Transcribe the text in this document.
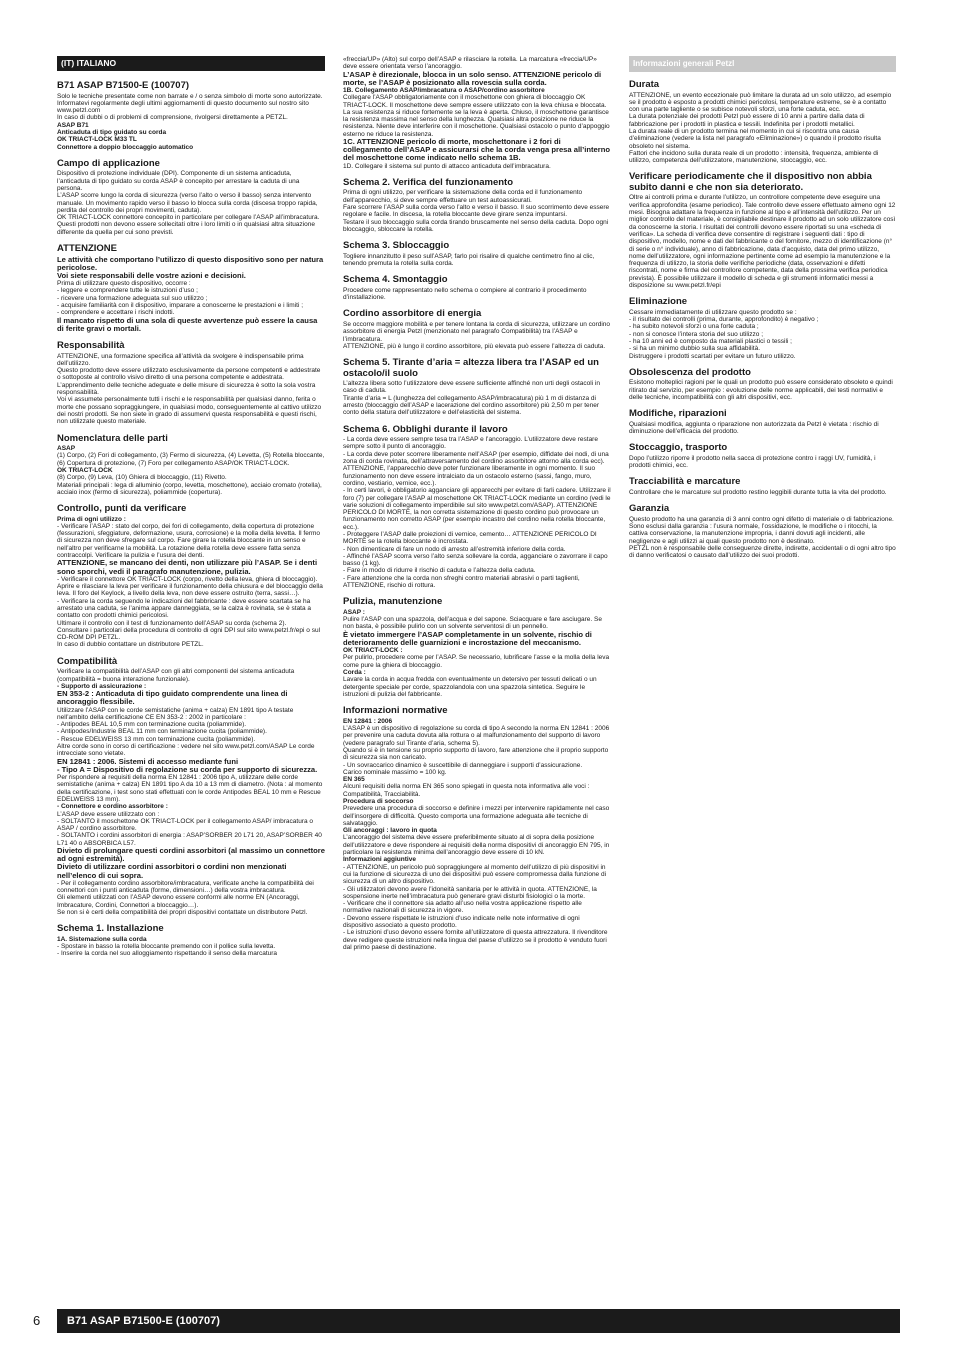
(IT) ITALIANO
B71 ASAP B71500-E (100707)

Solo le tecniche presentate come non barrate e / o senza simbolo di morte sono autorizzate. Informatevi regolarmente degli ultimi aggiornamenti di questo documento sul nostro sito www.petzl.com

In caso di dubbi o di problemi di comprensione, rivolgersi direttamente a PETZL.

ASAP B71

Anticaduta di tipo guidato su corda

OK TRIACT-LOCK M33 TL

Connettore a doppio bloccaggio automatico

Campo di applicazione

Dispositivo di protezione individuale (DPI). Componente di un sistema anticaduta, l’anticaduta di tipo guidato su corda ASAP è concepito per arrestare la caduta di una persona.

L’ASAP scorre lungo la corda di sicurezza (verso l’alto o verso il basso) senza intervento manuale. Un movimento rapido verso il basso lo blocca sulla corda (discesa troppo rapida, perdita del controllo dei propri movimenti, caduta).

OK TRIACT-LOCK connettore concepito in particolare per collegare l’ASAP all’imbracatura.

Questi prodotti non devono essere sollecitati oltre i loro limiti o in qualsiasi altra situazione differente da quella per cui sono previsti.

ATTENZIONE

Le attività che comportano l’utilizzo di questo dispositivo sono per natura pericolose.

Voi siete responsabili delle vostre azioni e decisioni.

Prima di utilizzare questo dispositivo, occorre :

- leggere e comprendere tutte le istruzioni d’uso ;

- ricevere una formazione adeguata sul suo utilizzo ;

- acquisire familiarità con il dispositivo, imparare a conoscerne le prestazioni e i limiti ;

- comprendere e accettare i rischi indotti.

Il mancato rispetto di una sola di queste avvertenze può essere la causa di ferite gravi o mortali.

Responsabilità

ATTENZIONE, una formazione specifica all’attività da svolgere è indispensabile prima dell’utilizzo.

Questo prodotto deve essere utilizzato esclusivamente da persone competenti e addestrate o sottoposte al controllo visivo diretto di una persona competente e addestrata.

L’apprendimento delle tecniche adeguate e delle misure di sicurezza è sotto la sola vostra responsabilità.

Voi vi assumete personalmente tutti i rischi e le responsabilità per qualsiasi danno, ferita o morte che possano sopraggiungere, in qualsiasi modo, conseguentemente al cattivo utilizzo dei nostri prodotti. Se non siete in grado di assumervi questa responsabilità e questi rischi, non utilizzate questo materiale.

Nomenclatura delle parti

ASAP

(1) Corpo, (2) Fori di collegamento, (3) Fermo di sicurezza, (4) Levetta, (5) Rotella bloccante, (6) Copertura di protezione, (7) Foro per collegamento ASAP/OK TRIACT-LOCK.

OK TRIACT-LOCK

(8) Corpo, (9) Leva, (10) Ghiera di bloccaggio, (11) Rivetto.

Materiali principali : lega di alluminio (corpo, levetta, moschettone), acciaio cromato (rotella), acciaio inox (fermo di sicurezza), poliammide (copertura).

Controllo, punti da verificare

Prima di ogni utilizzo :

- Verificare l’ASAP : stato del corpo, dei fori di collegamento, della copertura di protezione (fessurazioni, sfeggiature, deformazione, usura, corrosione) e la molla della levetta. Il fermo di sicurezza non deve sfregare sul corpo. Fare girare la rotella bloccante in un senso e nell’altro per verificarne la mobilità. La rotazione della rotella deve essere fatta senza contraccolpi. Verificare la pulizia e l’usura dei denti.

ATTENZIONE, se mancano dei denti, non utilizzare più l’ASAP. Se i denti sono sporchi, vedi il paragrafo manutenzione, pulizia.

- Verificare il connettore OK TRIACT-LOCK (corpo, rivetto della leva, ghiera di bloccaggio). Aprire e rilasciare la leva per verificare il funzionamento della chiusura e del bloccaggio della leva. Il foro del Keylock, a livello della leva, non deve essere ostruito (terra, sassi…).

- Verificare la corda seguendo le indicazioni del fabbricante : deve essere scartata se ha arrestato una caduta, se l’anima appare danneggiata, se la calza è rovinata, se è stata a contatto con prodotti chimici pericolosi.

Ultimare il controllo con il test di funzionamento dell’ASAP su corda (schema 2).

Consultare i particolari della procedura di controllo di ogni DPI sul sito www.petzl.fr/epi o sul CD-ROM DPI PETZL.

In caso di dubbio contattare un distributore PETZL.

Compatibilità

Verificare la compatibilità dell’ASAP con gli altri componenti del sistema anticaduta (compatibilità = buona interazione funzionale).

- Supporto di assicurazione :

EN 353-2 : Anticaduta di tipo guidato comprendente una linea di ancoraggio flessibile.

Utilizzare l’ASAP con le corde semistatiche (anima + calza) EN 1891 tipo A testate nell’ambito della certificazione CE EN 353-2 : 2002 in particolare :

- Antipodes BEAL 10,5 mm con terminazione cucita (poliammide).

- Antipodes/Industrie BEAL 11 mm con terminazione cucita (poliammide).

- Rescue EDELWEISS 13 mm con terminazione cucita (poliammide).

Altre corde sono in corso di certificazione : vedere nel sito www.petzl.com/ASAP Le corde intrecciate sono vietate.

EN 12841 : 2006. Sistemi di accesso mediante funi

- Tipo A = Dispositivo di regolazione su corda per supporto di sicurezza.

Per rispondere ai requisiti della norma EN 12841 : 2006 tipo A, utilizzare delle corde semistatiche (anima + calza) EN 1891 tipo A da 10 a 13 mm di diametro. (Nota : al momento della certificazione, i test sono stati effettuati con le corde Antipodes BEAL 10 mm e Rescue EDELWEISS 13 mm).

- Connettore e cordino assorbitore :

L’ASAP deve essere utilizzato con :

- SOLTANTO il moschettone OK TRIACT-LOCK per il collegamento ASAP/ imbracatura o ASAP / cordino assorbitore.

- SOLTANTO i cordini assorbitori di energia : ASAP’SORBER 20 L71 20, ASAP’SORBER 40 L71 40 o ABSORBICA L57.

Divieto di prolungare questi cordini assorbitori (al massimo un connettore ad ogni estremità).

Divieto di utilizzare cordini assorbitori o cordini non menzionati nell’elenco di cui sopra.

- Per il collegamento cordino assorbitore/imbracatura, verificate anche la compatibilità dei connettori con i punti anticaduta (forme, dimensioni…) della vostra imbracatura.

Gli elementi utilizzati con l’ASAP devono essere conformi alle norme EN (Ancoraggi, Imbracature, Cordini, Connettori a bloccaggio…).

Se non si è certi della compatibilità dei propri dispositivi contattate un distributore Petzl.

Schema 1. Installazione

1A. Sistemazione sulla corda

- Spostare in basso la rotella bloccante premendo con il pollice sulla levetta.

- Inserire la corda nel suo alloggiamento rispettando il senso della marcatura

«freccia/UP» (Alto) sul corpo dell’ASAP e rilasciare la rotella. La marcatura «freccia/UP» deve essere orientata verso l’ancoraggio.

L’ASAP è direzionale, blocca in un solo senso. ATTENZIONE pericolo di morte, se l’ASAP è posizionato alla rovescia sulla corda.

1B. Collegamento ASAP/imbracatura o ASAP/cordino assorbitore

Collegare l’ASAP obbligatoriamente con il moschettone con ghiera di bloccaggio OK TRIACT-LOCK. Il moschettone deve sempre essere utilizzato con la leva chiusa e bloccata. La sua resistenza si riduce fortemente se la leva è aperta. Chiuso, il moschettone garantisce la resistenza massima nel senso della lunghezza. Qualsiasi altra posizione ne riduce la resistenza. Niente deve interferire con il moschettone. Qualsiasi ostacolo o punto d’appoggio esterno ne riduce la resistenza.

1C. ATTENZIONE pericolo di morte, moschettonare i 2 fori di collegamento dell’ASAP e assicurarsi che la corda venga presa all’interno del moschettone come indicato nello schema 1B.

1D. Collegare il sistema sul punto di attacco anticaduta dell’imbracatura.

Schema 2. Verifica del funzionamento

Prima di ogni utilizzo, per verificare la sistemazione della corda ed il funzionamento dell’apparecchio, si deve sempre effettuare un test autoassicurati.

Fare scorrere l’ASAP sulla corda verso l’alto e verso il basso. Il suo scorrimento deve essere regolare e facile. In discesa, la rotella bloccante deve girare senza impuntarsi.

Testare il suo bloccaggio sulla corda tirando bruscamente nel senso della caduta. Dopo ogni bloccaggio, sbloccare la rotella.

Schema 3. Sbloccaggio

Togliere innanzitutto il peso sull’ASAP, farlo poi risalire di qualche centimetro fino al clic, tenendo premuta la rotella sulla corda.

Schema 4. Smontaggio

Procedere come rappresentato nello schema o compiere al contrario il procedimento d’installazione.

Cordino assorbitore di energia

Se occorre maggiore mobilità e per tenere lontana la corda di sicurezza, utilizzare un cordino assorbitore di energia Petzl (menzionato nel paragrafo Compatibilità) tra l’ASAP e l’imbracatura.

ATTENZIONE, più è lungo il cordino assorbitore, più elevata può essere l’altezza di caduta.

Schema 5. Tirante d’aria = altezza libera tra l’ASAP ed un ostacolo/il suolo

L’altezza libera sotto l’utilizzatore deve essere sufficiente affinché non urti degli ostacoli in caso di caduta.

Tirante d’aria = L (lunghezza del collegamento ASAP/imbracatura) più 1 m di distanza di arresto (bloccaggio dell’ASAP e lacerazione del cordino assorbitore) più 2,50 m per tener conto della statura dell’utilizzatore e dell’elasticità del sistema.

Schema 6. Obblighi durante il lavoro

- La corda deve essere sempre tesa tra l’ASAP e l’ancoraggio. L’utilizzatore deve restare sempre sotto il punto di ancoraggio.

- La corda deve poter scorrere liberamente nell’ASAP (per esempio, diffidate dei nodi, di una zona di corda rovinata, dell’attraversamento del cordino assorbitore attorno alla corda ecc). ATTENZIONE, l’apparecchio deve poter funzionare liberamente in ogni momento. Il suo funzionamento non deve essere intralciato da un ostacolo esterno (sassi, fango, muro, cordino, vestiario, vernice, ecc.).

- In certi lavori, è obbligatorio agganciare gli apparecchi per evitare di farli cadere. Utilizzare il foro (7) per collegare l’ASAP al moschettone OK TRIACT-LOCK mediante un cordino (vedi le varie soluzioni di collegamento imperdibile sul sito www.petzl.com/ASAP). ATTENZIONE PERICOLO DI MORTE, la non corretta sistemazione di questo cordino può provocare un funzionamento non corretto ASAP (per esempio incastro del cordino nella rotella bloccante, ecc.).

- Proteggere l’ASAP dalle proiezioni di vernice, cemento… ATTENZIONE PERICOLO DI MORTE se la rotella bloccante è incrostata.

- Non dimenticare di fare un nodo di arresto all’estremità inferiore della corda.

- Affinché l’ASAP scorra verso l’alto senza sollevare la corda, agganciare o zavorrare il capo basso (1 kg).

- Fare in modo di ridurre il rischio di caduta e l’altezza della caduta.

- Fare attenzione che la corda non sfreghi contro materiali abrasivi o parti taglienti, ATTENZIONE, rischio di rottura.

Pulizia, manutenzione

ASAP :

Pulire l’ASAP con una spazzola, dell’acqua e del sapone. Sciacquare e fare asciugare. Se non basta, è possibile pulirlo con un solvente serventosi di un pennello.

È vietato immergere l’ASAP completamente in un solvente, rischio di deterioramento delle guarnizioni e incrostazione del meccanismo.

OK TRIACT-LOCK :

Per pulirlo, procedere come per l’ASAP. Se necessario, lubrificare l’asse e la molla della leva come pure la ghiera di bloccaggio.

Corda :

Lavare la corda in acqua fredda con eventualmente un detersivo per tessuti delicati o un detergente speciale per corde, spazzolandola con una spazzola sintetica. Seguire le istruzioni di pulizia del fabbricante.

Informazioni normative

EN 12841 : 2006

L’ASAP è un dispositivo di regolazione su corda di tipo A secondo la norma EN 12841 : 2006 per prevenire una caduta dovuta alla rottura o al malfunzionamento del supporto di lavoro (vedere paragrafo sul Tirante d’aria, schema 5).

Quando si è in tensione su proprio supporto di lavoro, fare attenzione che il proprio supporto di sicurezza sia non caricato.

- Un sovraccarico dinamico è suscettibile di danneggiare i supporti d’assicurazione.

Carico nominale massimo = 100 kg.

EN 365

Alcuni requisiti della norma EN 365 sono spiegati in questa nota informativa alle voci : Compatibilità, Tracciabilità.

Procedura di soccorso

Prevedere una procedura di soccorso e definire i mezzi per intervenire rapidamente nel caso dell’insorgere di difficoltà. Questo comporta una formazione adeguata alle tecniche di salvataggio.

Gli ancoraggi : lavoro in quota

L’ancoraggio del sistema deve essere preferibilmente situato al di sopra della posizione dell’utilizzatore e deve rispondere ai requisiti della norma dispositivi di ancoraggio EN 795, in particolare la resistenza minima dell’ancoraggio deve essere di 10 kN.

Informazioni aggiuntive

- ATTENZIONE, un pericolo può sopraggiungere al momento dell’utilizzo di più dispositivi in cui la funzione di sicurezza di uno dei dispositivi può essere compromessa dalla funzione di sicurezza di un altro dispositivo.

- Gli utilizzatori devono avere l’idoneità sanitaria per le attività in quota. ATTENZIONE, la sospensione inerte nell’imbracatura può generare gravi disturbi fisiologici o la morte.

- Verificare che il connettore sia adatto all’uso nella vostra applicazione rispetto alle normative nazionali di sicurezza in vigore.

- Devono essere rispettate le istruzioni d’uso indicate nelle note informative di ogni dispositivo associato a questo prodotto.

- Le istruzioni d’uso devono essere fornite all’utilizzatore di questa attrezzatura. Il rivenditore deve redigere queste istruzioni nella lingua del paese d’utilizzo se il prodotto è venduto fuori dal primo paese di destinazione.

Informazioni generali Petzl
Durata

ATTENZIONE, un evento eccezionale può limitare la durata ad un solo utilizzo, ad esempio se il prodotto è esposto a prodotti chimici pericolosi, temperature estreme, se è a contatto con una parte tagliente o se subisce notevoli sforzi, una forte caduta, ecc.

La durata potenziale dei prodotti Petzl può essere di 10 anni a partire dalla data di fabbricazione per i prodotti in plastica e tessili. Indefinita per i prodotti metallici.

La durata reale di un prodotto termina nel momento in cui si riscontra una causa d’eliminazione (vedere la lista nel paragrafo «Eliminazione») o quando il prodotto risulta obsoleto nel sistema.

Fattori che incidono sulla durata reale di un prodotto : intensità, frequenza, ambiente di utilizzo, competenza dell’utilizzatore, manutenzione, stoccaggio, ecc.

Verificare periodicamente che il dispositivo non abbia subito danni e che non sia deteriorato.

Oltre ai controlli prima e durante l’utilizzo, un controllore competente deve eseguire una verifica approfondita (esame periodico). Tale controllo deve essere effettuato almeno ogni 12 mesi. Bisogna adattare la frequenza in funzione al tipo e all’intensità dell’utilizzo. Per un miglior controllo del materiale, è consigliabile destinare il prodotto ad un solo utilizzatore così da conoscerne la storia. I risultati dei controlli devono essere riportati su una «scheda di verifica». La scheda di verifica deve consentire di registrare i seguenti dati : tipo di dispositivo, modello, nome e dati del fabbricante o del fornitore, mezzo di identificazione (n° di serie o n° individuale), anno di fabbricazione, data d’acquisto, data del primo utilizzo, nome dell’utilizzatore, ogni informazione pertinente come ad esempio la manutenzione e la frequenza di utilizzo, la storia delle verifiche periodiche (data, osservazioni e difetti riscontrati, nome e firma del controllore competente, data della prossima verifica periodica prevista). È possibile utilizzare il modello di scheda e gli strumenti informatici messi a disposizione su www.petzl.fr/epi

Eliminazione

Cessare immediatamente di utilizzare questo prodotto se :

- il risultato dei controlli (prima, durante, approfondito) è negativo ;

- ha subito notevoli sforzi o una forte caduta ;

- non si conosce l’intera storia del suo utilizzo ;

- ha 10 anni ed è composto da materiali plastici o tessili ;

- si ha un minimo dubbio sulla sua affidabilità.

Distruggere i prodotti scartati per evitare un futuro utilizzo.

Obsolescenza del prodotto

Esistono molteplici ragioni per le quali un prodotto può essere considerato obsoleto e quindi ritirato dal servizio, per esempio : evoluzione delle norme applicabili, dei testi normativi e delle tecniche, incompatibilità con gli altri dispositivi, ecc.

Modifiche, riparazioni

Qualsiasi modifica, aggiunta o riparazione non autorizzata da Petzl è vietata : rischio di diminuzione dell’efficacia del prodotto.

Stoccaggio, trasporto

Dopo l’utilizzo riporre il prodotto nella sacca di protezione contro i raggi UV, l’umidità, i prodotti chimici, ecc.

Tracciabilità e marcature

Controllare che le marcature sul prodotto restino leggibili durante tutta la vita del prodotto.

Garanzia

Questo prodotto ha una garanzia di 3 anni contro ogni difetto di materiale o di fabbricazione. Sono esclusi dalla garanzia : l’usura normale, l’ossidazione, le modifiche o i ritocchi, la cattiva conservazione, la manutenzione impropria, i danni dovuti agli incidenti, alle negligenze e agli utilizzi ai quali questo prodotto non è destinato.

PETZL non è responsabile delle conseguenze dirette, indirette, accidentali o di ogni altro tipo di danno verificatosi o causato dall’utilizzo dei suoi prodotti.

6 B71 ASAP B71500-E (100707)
